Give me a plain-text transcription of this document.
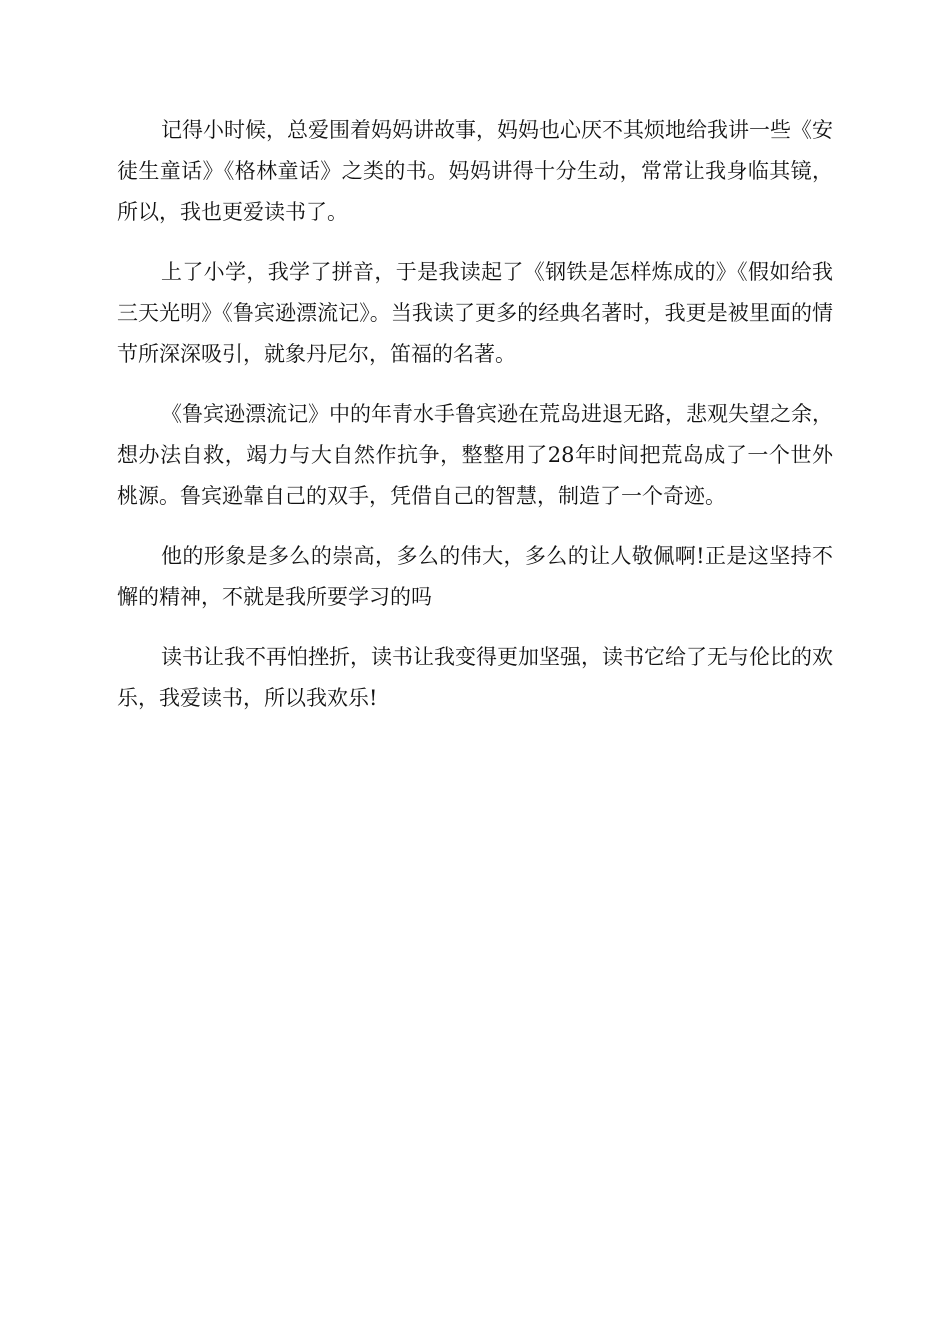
记得小时候，总爱围着妈妈讲故事，妈妈也心厌不其烦地给我讲一些《安徒生童话》《格林童话》之类的书。妈妈讲得十分生动，常常让我身临其镜，所以，我也更爱读书了。

上了小学，我学了拼音，于是我读起了《钢铁是怎样炼成的》《假如给我三天光明》《鲁宾逊漂流记》。当我读了更多的经典名著时，我更是被里面的情节所深深吸引，就象丹尼尔，笛福的名著。

《鲁宾逊漂流记》中的年青水手鲁宾逊在荒岛进退无路，悲观失望之余，想办法自救，竭力与大自然作抗争，整整用了28年时间把荒岛成了一个世外桃源。鲁宾逊靠自己的双手，凭借自己的智慧，制造了一个奇迹。

他的形象是多么的崇高，多么的伟大，多么的让人敬佩啊!正是这坚持不懈的精神，不就是我所要学习的吗

读书让我不再怕挫折，读书让我变得更加坚强，读书它给了无与伦比的欢乐，我爱读书，所以我欢乐!
